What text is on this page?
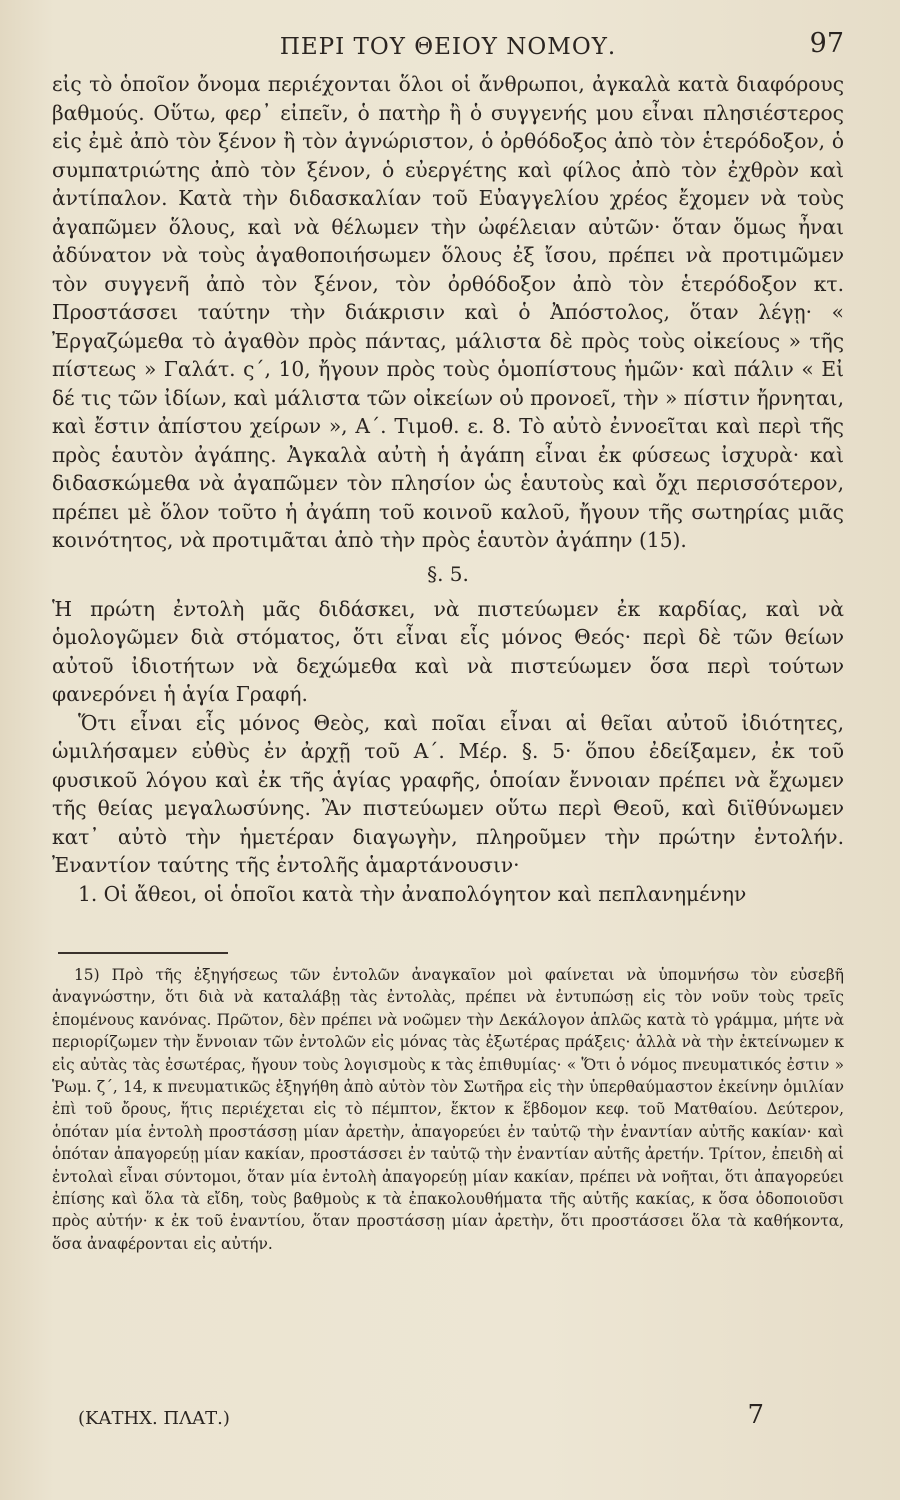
ΠΕΡΙ ΤΟΥ ΘΕΙΟΥ ΝΟΜΟΥ.	97

εἰς τὸ ὁποῖον ὄνομα περιέχονται ὅλοι οἱ ἄνθρωποι, ἀγκαλὰ κατὰ διαφόρους βαθμούς. Οὕτω, φερ᾿ εἰπεῖν, ὁ πατὴρ ἢ ὁ συγγενής μου εἶναι πλησιέστερος εἰς ἐμὲ ἀπὸ τὸν ξένον ἢ τὸν ἀγνώριστον, ὁ ὀρθόδοξος ἀπὸ τὸν ἑτερόδοξον, ὁ συμπατριώτης ἀπὸ τὸν ξένον, ὁ εὐεργέτης καὶ φίλος ἀπὸ τὸν ἐχθρὸν καὶ ἀντίπαλον. Κατὰ τὴν διδασκαλίαν τοῦ Εὐαγγελίου χρέος ἔχομεν νὰ τοὺς ἀγαπῶμεν ὅλους, καὶ νὰ θέλωμεν τὴν ὠφέλειαν αὐτῶν· ὅταν ὅμως ἦναι ἀδύνατον νὰ τοὺς ἀγαθοποιήσωμεν ὅλους ἐξ ἴσου, πρέπει νὰ προτιμῶμεν τὸν συγγενῆ ἀπὸ τὸν ξένον, τὸν ὀρθόδοξον ἀπὸ τὸν ἑτερόδοξον κτ. Προστάσσει ταύτην τὴν διάκρισιν καὶ ὁ Ἀπόστολος, ὅταν λέγῃ· « Ἐργαζώμεθα τὸ ἀγαθὸν πρὸς πάντας, μάλιστα δὲ πρὸς τοὺς οἰκείους » τῆς πίστεως » Γαλάτ. ς΄, 10, ἤγουν πρὸς τοὺς ὁμοπίστους ἡμῶν· καὶ πάλιν « Εἰ δέ τις τῶν ἰδίων, καὶ μάλιστα τῶν οἰκείων οὐ προνοεῖ, τὴν » πίστιν ἤρνηται, καὶ ἔστιν ἀπίστου χείρων », Α΄. Τιμοθ. ε. 8. Τὸ αὐτὸ ἐννοεῖται καὶ περὶ τῆς πρὸς ἑαυτὸν ἀγάπης. Ἀγκαλὰ αὐτὴ ἡ ἀγάπη εἶναι ἐκ φύσεως ἰσχυρὰ· καὶ διδασκώμεθα νὰ ἀγαπῶμεν τὸν πλησίον ὡς ἑαυτοὺς καὶ ὄχι περισσότερον, πρέπει μὲ ὅλον τοῦτο ἡ ἀγάπη τοῦ κοινοῦ καλοῦ, ἤγουν τῆς σωτηρίας μιᾶς κοινότητος, νὰ προτιμᾶται ἀπὸ τὴν πρὸς ἑαυτὸν ἀγάπην (15).

§. 5.

Ἡ πρώτη ἐντολὴ μᾶς διδάσκει, νὰ πιστεύωμεν ἐκ καρδίας, καὶ νὰ ὁμολογῶμεν διὰ στόματος, ὅτι εἶναι εἷς μόνος Θεός· περὶ δὲ τῶν θείων αὐτοῦ ἰδιοτήτων νὰ δεχώμεθα καὶ νὰ πιστεύωμεν ὅσα περὶ τούτων φανερόνει ἡ ἁγία Γραφή.

Ὅτι εἶναι εἷς μόνος Θεὸς, καὶ ποῖαι εἶναι αἱ θεῖαι αὐτοῦ ἰδιότητες, ὡμιλήσαμεν εὐθὺς ἐν ἀρχῇ τοῦ Α΄. Μέρ. §. 5· ὅπου ἐδείξαμεν, ἐκ τοῦ φυσικοῦ λόγου καὶ ἐκ τῆς ἁγίας γραφῆς, ὁποίαν ἔννοιαν πρέπει νὰ ἔχωμεν τῆς θείας μεγαλωσύνης. Ἂν πιστεύωμεν οὕτω περὶ Θεοῦ, καὶ διϊθύνωμεν κατ᾿ αὐτὸ τὴν ἡμετέραν διαγωγὴν, πληροῦμεν τὴν πρώτην ἐντολήν. Ἐναντίον ταύτης τῆς ἐντολῆς ἁμαρτάνουσιν·

1. Οἱ ἄθεοι, οἱ ὁποῖοι κατὰ τὴν ἀναπολόγητον καὶ πεπλανημένην

15) Πρὸ τῆς ἐξηγήσεως τῶν ἐντολῶν ἀναγκαῖον μοὶ φαίνεται νὰ ὑπομνήσω τὸν εὐσεβῆ ἀναγνώστην, ὅτι διὰ νὰ καταλάβῃ τὰς ἐντολὰς, πρέπει νὰ ἐντυπώσῃ εἰς τὸν νοῦν τοὺς τρεῖς ἑπομένους κανόνας. Πρῶτον, δὲν πρέπει νὰ νοῶμεν τὴν Δεκάλογον ἁπλῶς κατὰ τὸ γράμμα, μήτε νὰ περιορίζωμεν τὴν ἔννοιαν τῶν ἐντολῶν εἰς μόνας τὰς ἐξωτέρας πράξεις· ἀλλὰ νὰ τὴν ἐκτείνωμεν κ εἰς αὐτὰς τὰς ἐσωτέρας, ἤγουν τοὺς λογισμοὺς κ τὰς ἐπιθυμίας· « Ὅτι ὁ νόμος πνευματικός ἐστιν » Ῥωμ. ζ΄, 14, κ πνευματικῶς ἐξηγήθη ἀπὸ αὐτὸν τὸν Σωτῆρα εἰς τὴν ὑπερθαύμαστον ἐκείνην ὁμιλίαν ἐπὶ τοῦ ὄρους, ἥτις περιέχεται εἰς τὸ πέμπτον, ἕκτον κ ἕβδομον κεφ. τοῦ Ματθαίου. Δεύτερον, ὁπόταν μία ἐντολὴ προστάσσῃ μίαν ἀρετὴν, ἀπαγορεύει ἐν ταὐτῷ τὴν ἐναντίαν αὐτῆς κακίαν· καὶ ὁπόταν ἀπαγορεύῃ μίαν κακίαν, προστάσσει ἐν ταὐτῷ τὴν ἐναντίαν αὐτῆς ἀρετήν. Τρίτον, ἐπειδὴ αἱ ἐντολαὶ εἶναι σύντομοι, ὅταν μία ἐντολὴ ἀπαγορεύῃ μίαν κακίαν, πρέπει νὰ νοῆται, ὅτι ἀπαγορεύει ἐπίσης καὶ ὅλα τὰ εἴδη, τοὺς βαθμοὺς κ τὰ ἐπακολουθήματα τῆς αὐτῆς κακίας, κ ὅσα ὁδοποιοῦσι πρὸς αὐτήν· κ ἐκ τοῦ ἐναντίου, ὅταν προστάσσῃ μίαν ἀρετὴν, ὅτι προστάσσει ὅλα τὰ καθήκοντα, ὅσα ἀναφέρονται εἰς αὐτήν.

(ΚΑΤΗΧ. ΠΛΑΤ.)	7
